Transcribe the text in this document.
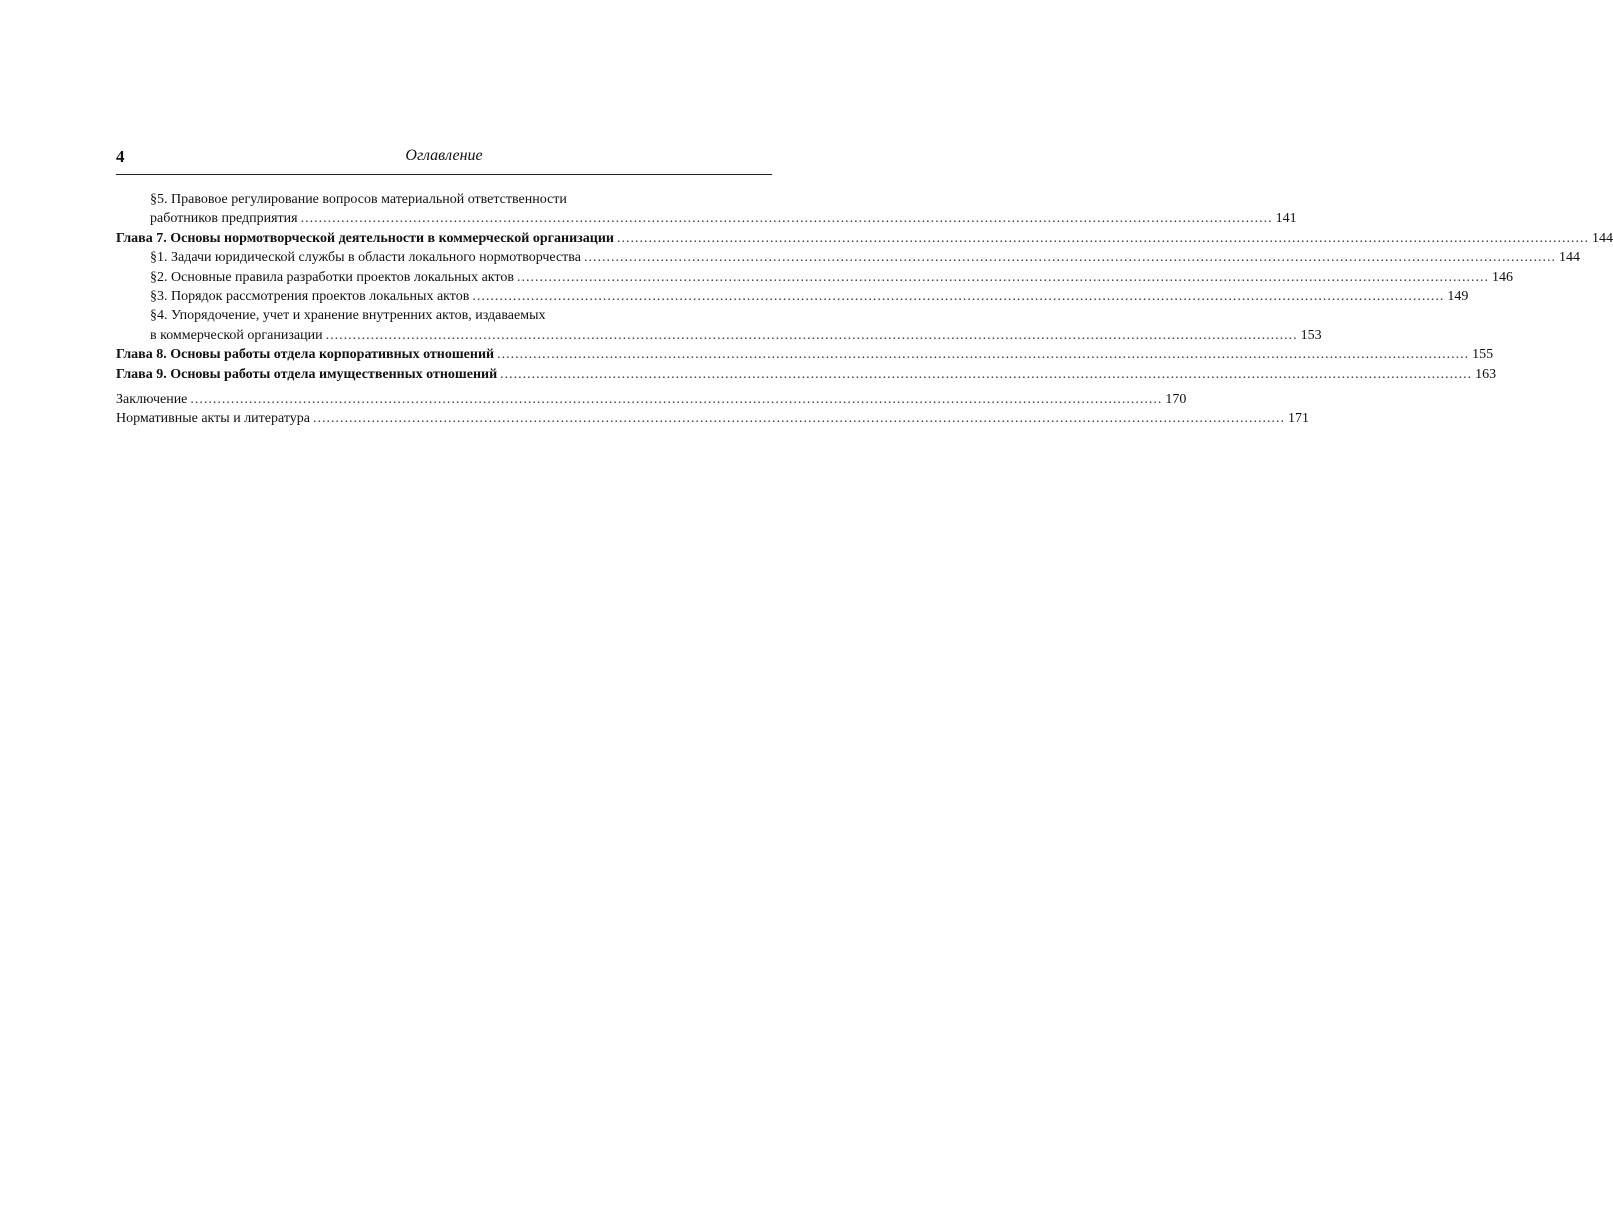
4	Оглавление
§5. Правовое регулирование вопросов материальной ответственности
работников предприятия .....	141
Глава 7. Основы нормотворческой деятельности в коммерческой организации .....	144
§1. Задачи юридической службы в области локального нормотворчества .....	144
§2. Основные правила разработки проектов локальных актов .....	146
§3. Порядок рассмотрения проектов локальных актов .....	149
§4. Упорядочение, учет и хранение внутренних актов, издаваемых
в коммерческой организации .....	153
Глава 8. Основы работы отдела корпоративных отношений .....	155
Глава 9. Основы работы отдела имущественных отношений .....	163
Заключение .....	170
Нормативные акты и литература .....	171
